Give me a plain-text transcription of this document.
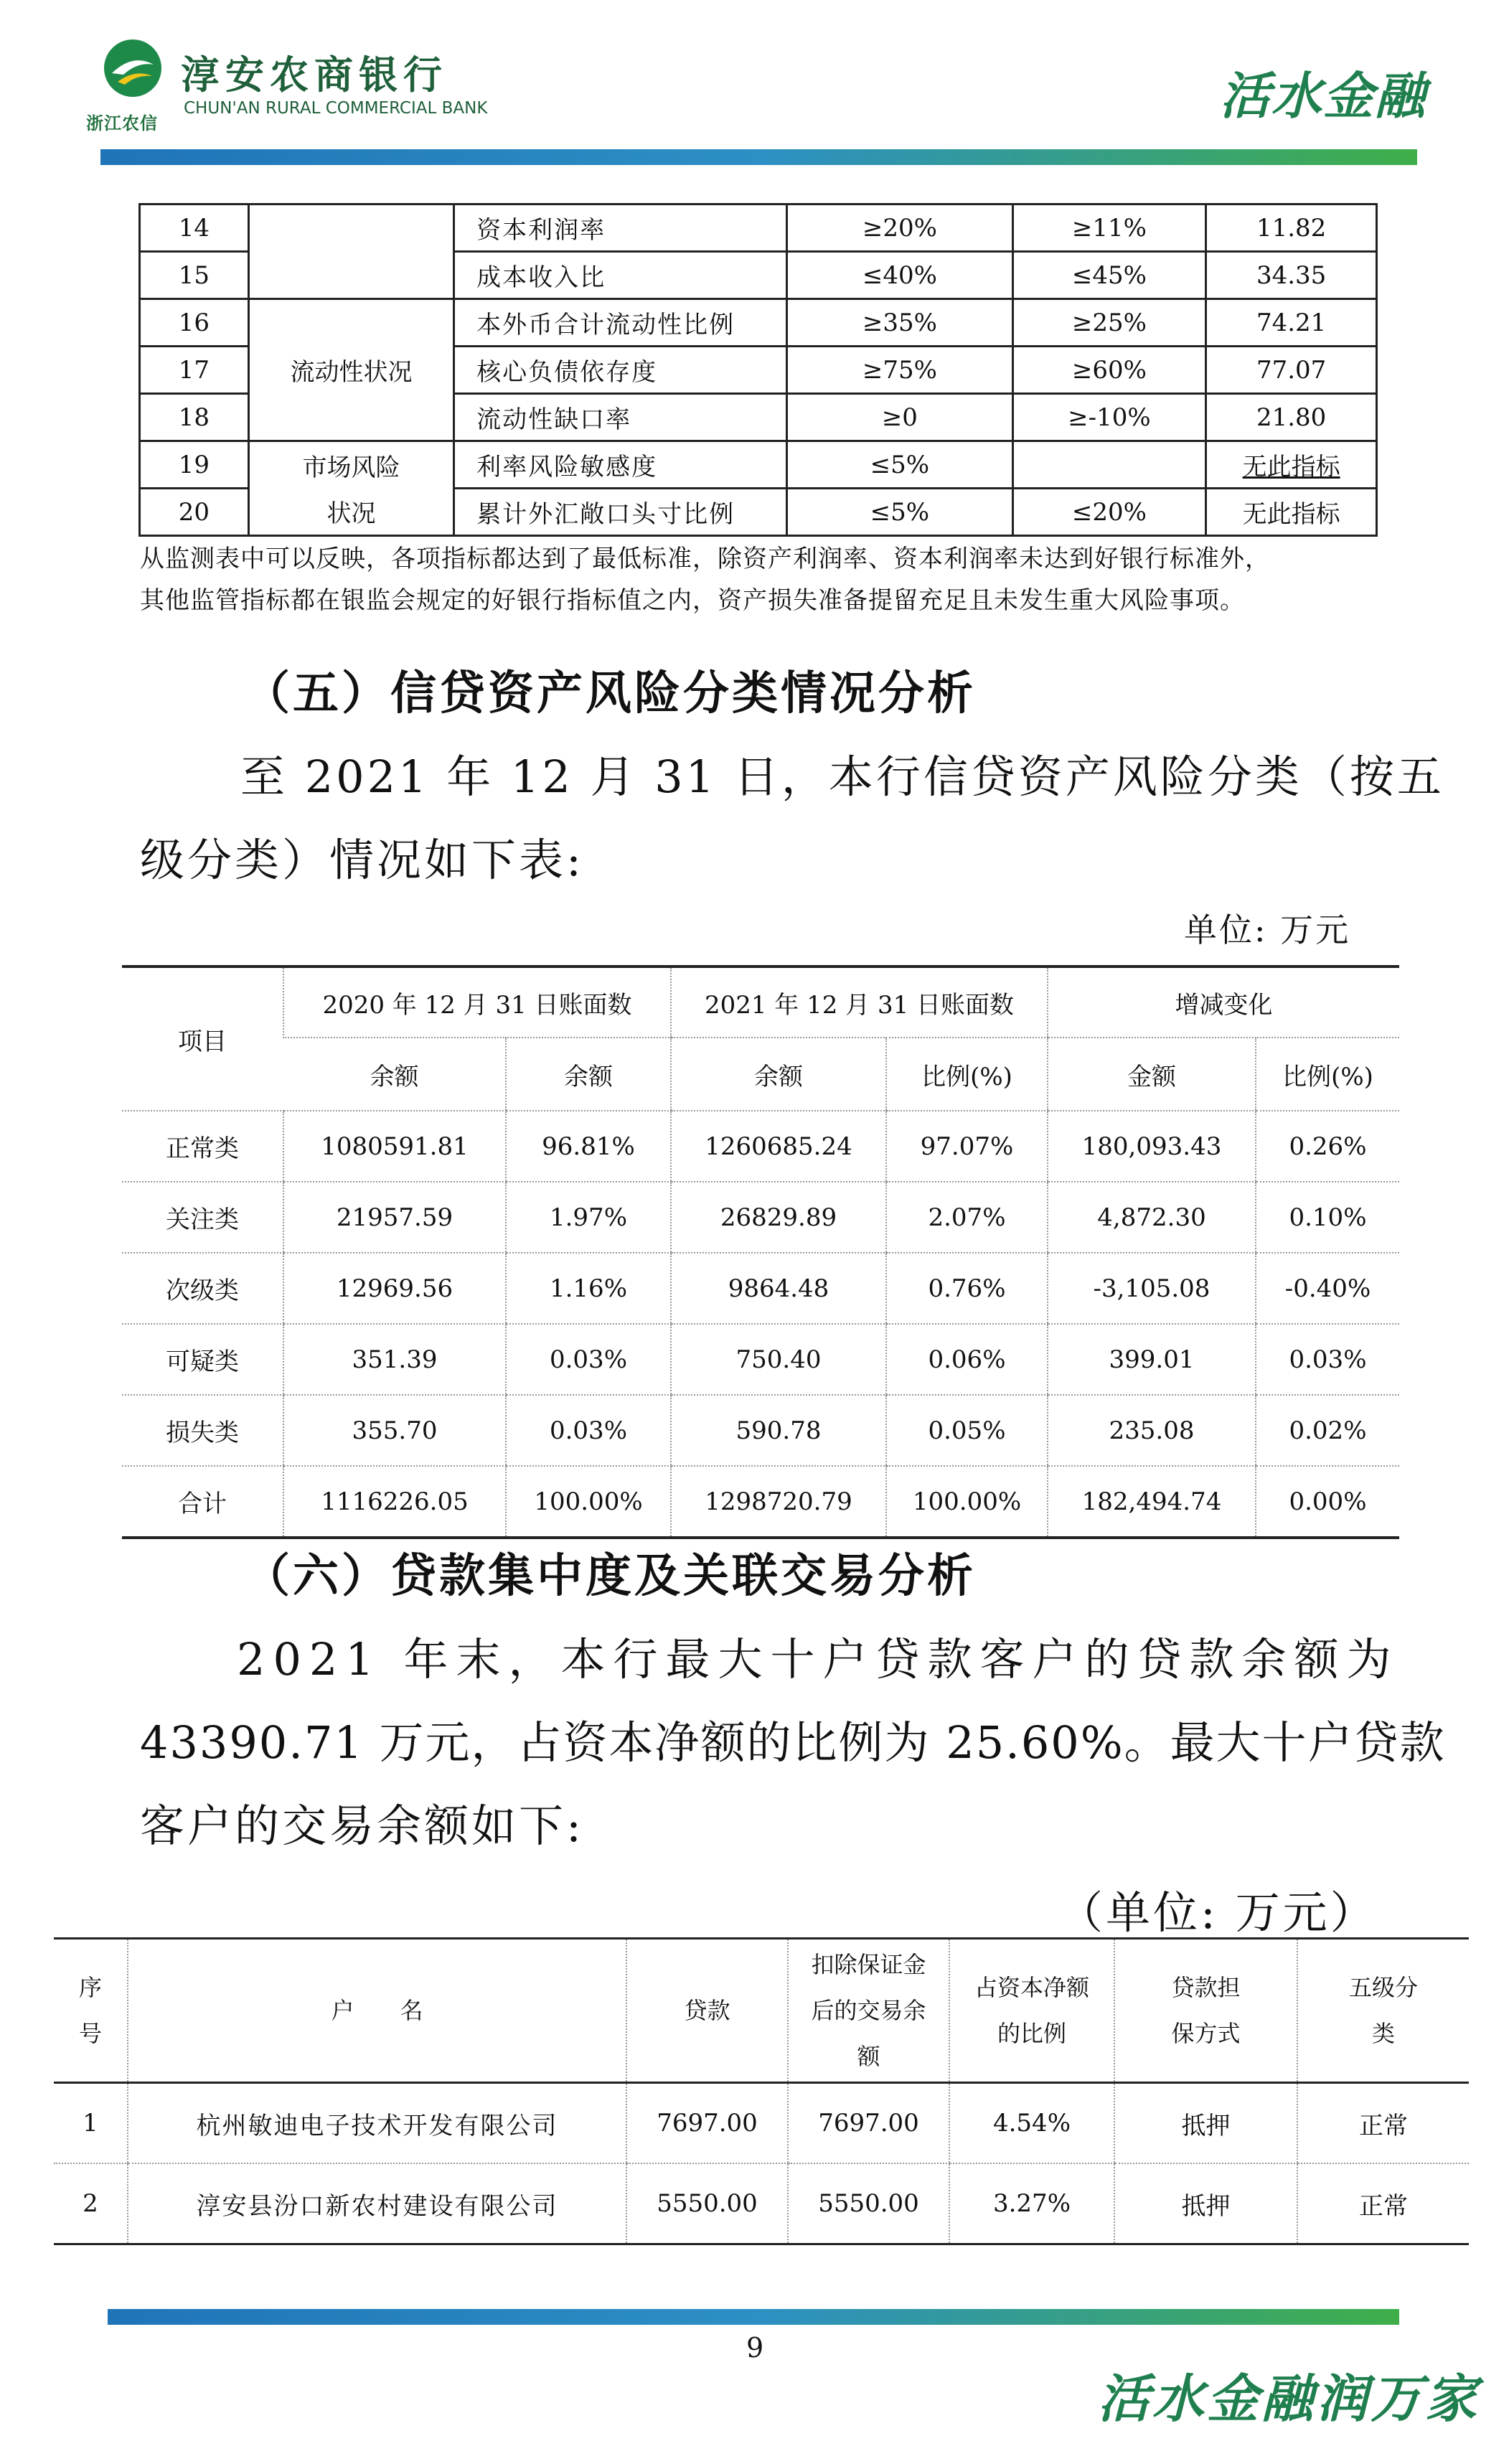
浙江农信
淳安农商银行
CHUN'AN RURAL COMMERCIAL BANK	活水金融
14		资本利润率	≥20%	≥11%	11.82
15		成本收入比	≤40%	≤45%	34.35
16	流动性状况	本外币合计流动性比例	≥35%	≥25%	74.21
17		核心负债依存度	≥75%	≥60%	77.07
18		流动性缺口率	≥0	≥-10%	21.80
19	市场风险	利率风险敏感度	≤5%		无此指标
20	状况	累计外汇敞口头寸比例	≤5%	≤20%	无此指标
从监测表中可以反映，各项指标都达到了最低标准，除资产利润率、资本利润率未达到好银行标准外，
其他监管指标都在银监会规定的好银行指标值之内，资产损失准备提留充足且未发生重大风险事项。
（五）信贷资产风险分类情况分析
至 2021 年 12 月 31 日，本行信贷资产风险分类（按五
级分类）情况如下表:
单位: 万元
项目	2020 年 12 月 31 日账面数		2021 年 12 月 31 日账面数		增减变化	
	余额	余额	余额	比例(%)	金额	比例(%)
正常类	1080591.81	96.81%	1260685.24	97.07%	180,093.43	0.26%
关注类	21957.59	1.97%	26829.89	2.07%	4,872.30	0.10%
次级类	12969.56	1.16%	9864.48	0.76%	-3,105.08	-0.40%
可疑类	351.39	0.03%	750.40	0.06%	399.01	0.03%
损失类	355.70	0.03%	590.78	0.05%	235.08	0.02%
合计	1116226.05	100.00%	1298720.79	100.00%	182,494.74	0.00%
（六）贷款集中度及关联交易分析
2021 年末，本行最大十户贷款客户的贷款余额为
43390.71 万元，占资本净额的比例为 25.60%。最大十户贷款
客户的交易余额如下:
（单位: 万元）
序
号	户　　名	贷款	扣除保证金
后的交易余
额	占资本净额
的比例	贷款担
保方式	五级分
类
1	杭州敏迪电子技术开发有限公司	7697.00	7697.00	4.54%	抵押	正常
2	淳安县汾口新农村建设有限公司	5550.00	5550.00	3.27%	抵押	正常
9
活水金融润万家
